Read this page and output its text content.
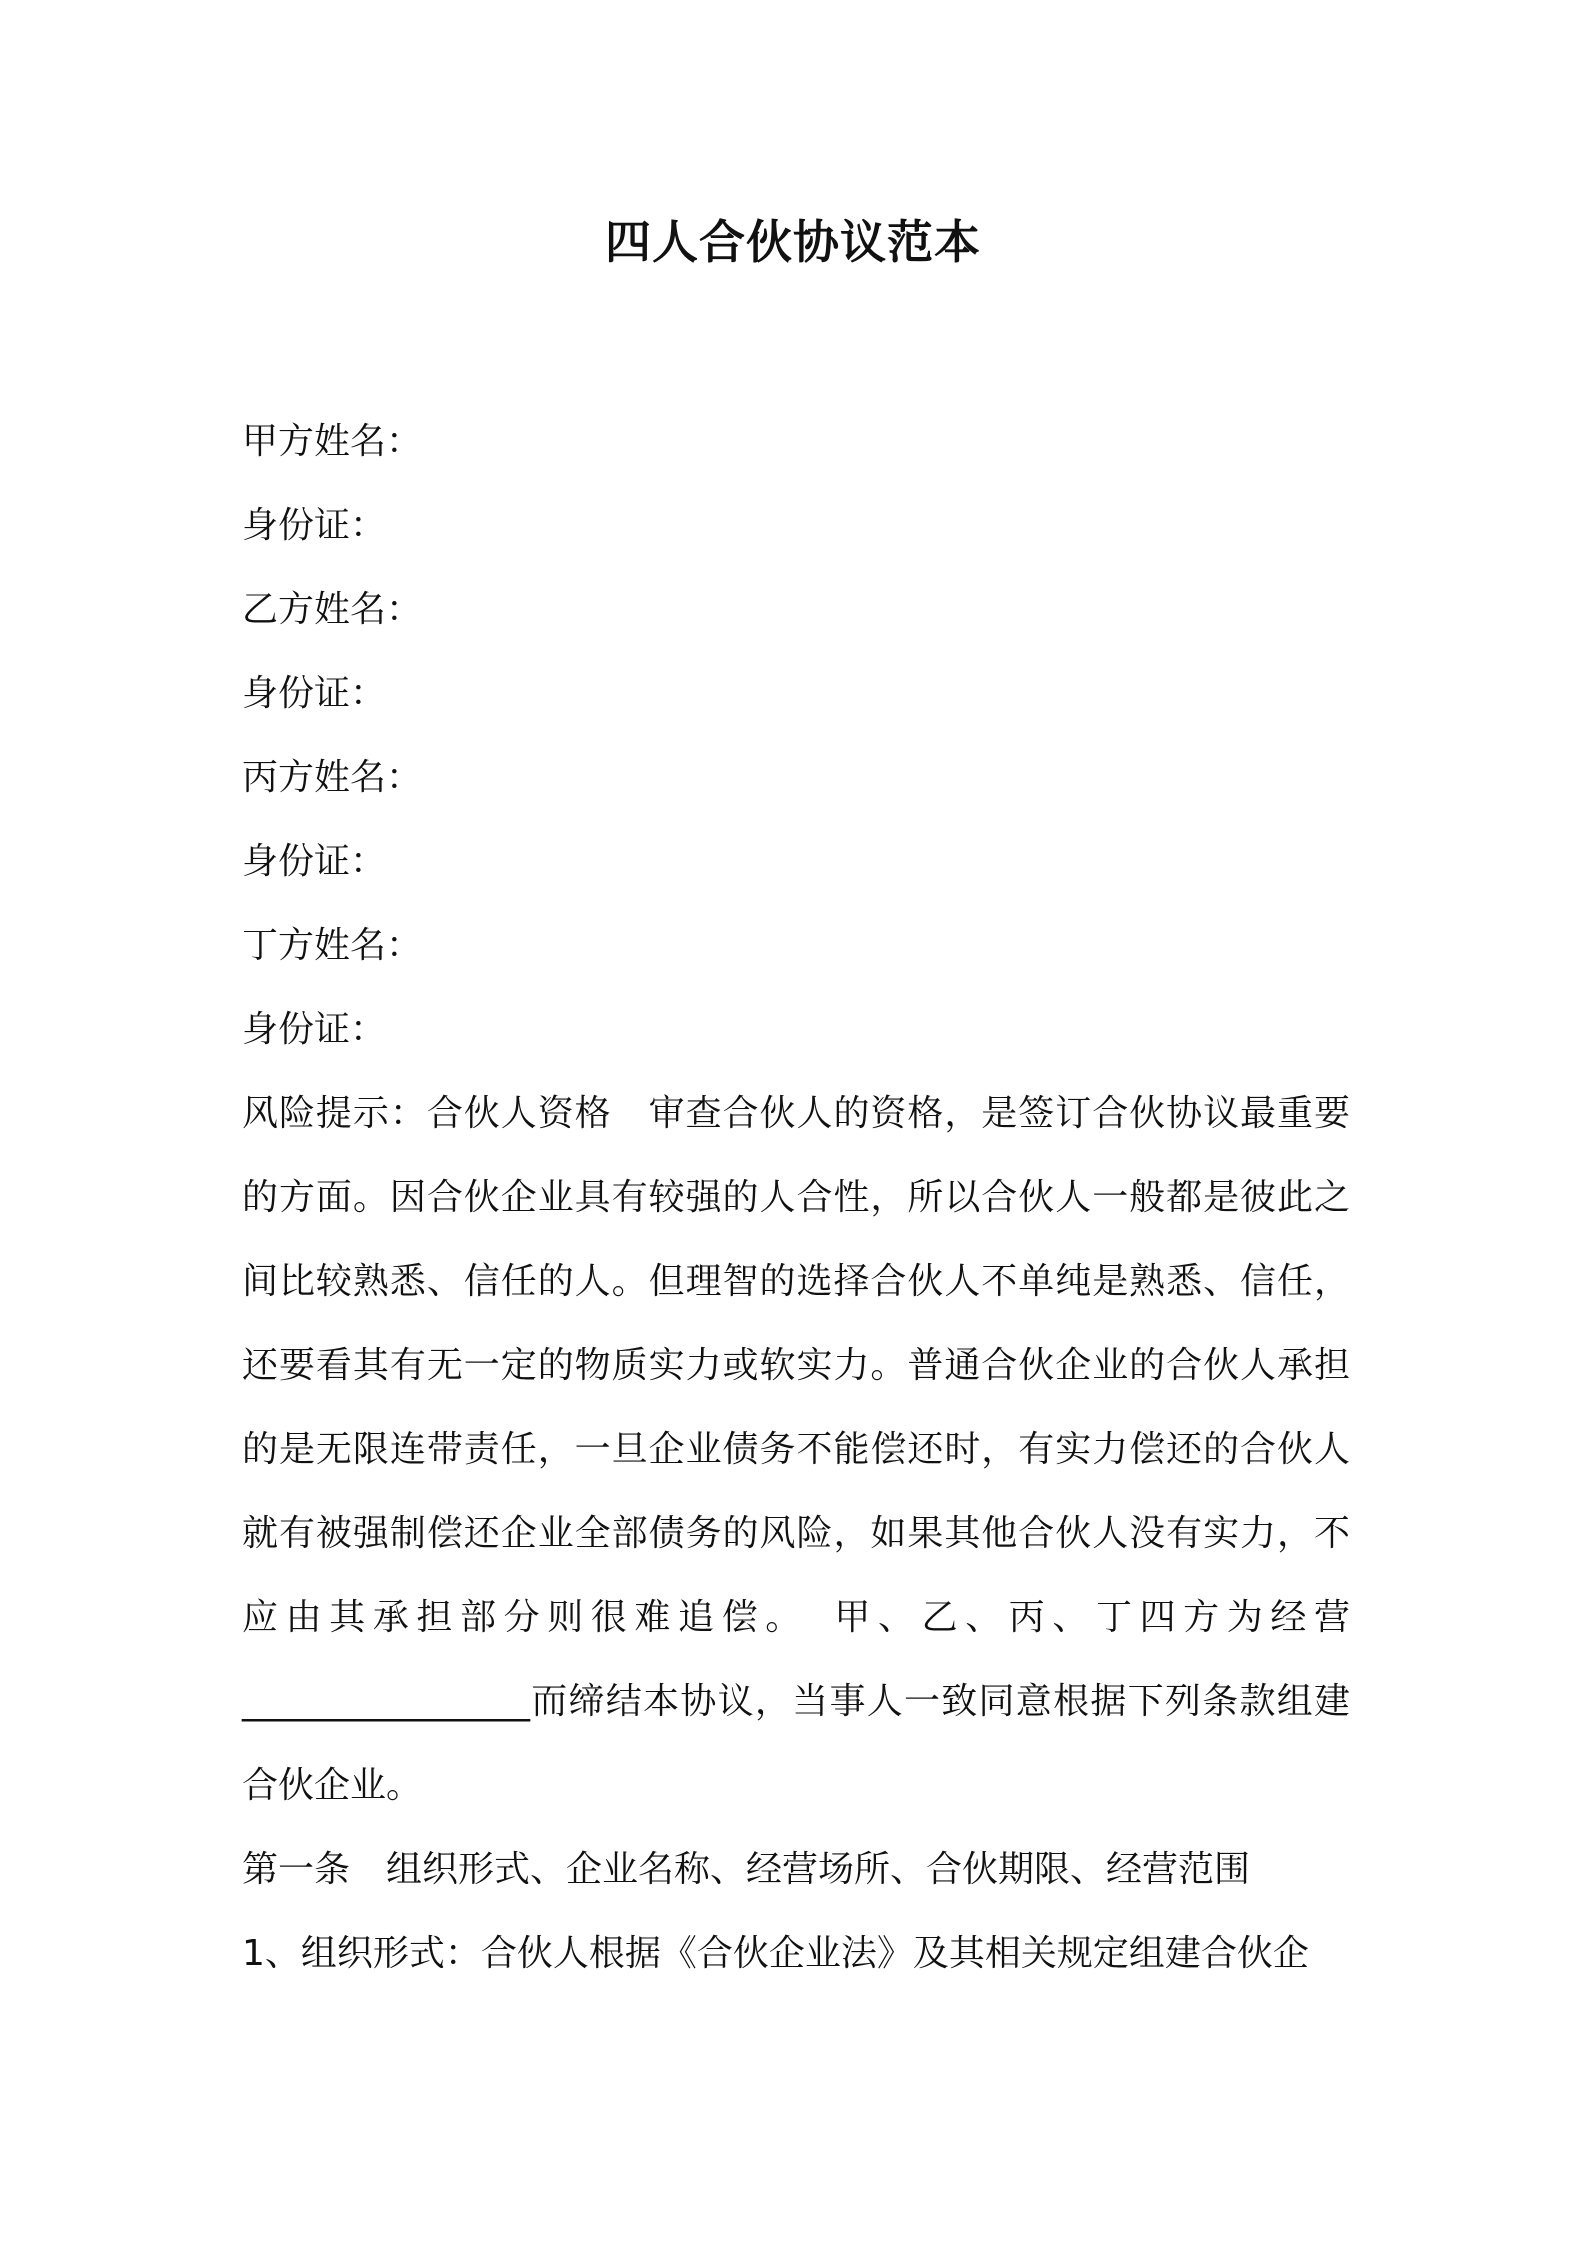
四人合伙协议范本

甲方姓名：

身份证：

乙方姓名：

身份证：

丙方姓名：

身份证：

丁方姓名：

身份证：

风险提示：合伙人资格　审查合伙人的资格，是签订合伙协议最重要的方面。因合伙企业具有较强的人合性，所以合伙人一般都是彼此之间比较熟悉、信任的人。但理智的选择合伙人不单纯是熟悉、信任，还要看其有无一定的物质实力或软实力。普通合伙企业的合伙人承担的是无限连带责任，一旦企业债务不能偿还时，有实力偿还的合伙人就有被强制偿还企业全部债务的风险，如果其他合伙人没有实力，不应由其承担部分则很难追偿。　甲、乙、丙、丁四方为经营________________而缔结本协议，当事人一致同意根据下列条款组建合伙企业。

第一条　组织形式、企业名称、经营场所、合伙期限、经营范围

1、组织形式：合伙人根据《合伙企业法》及其相关规定组建合伙企
